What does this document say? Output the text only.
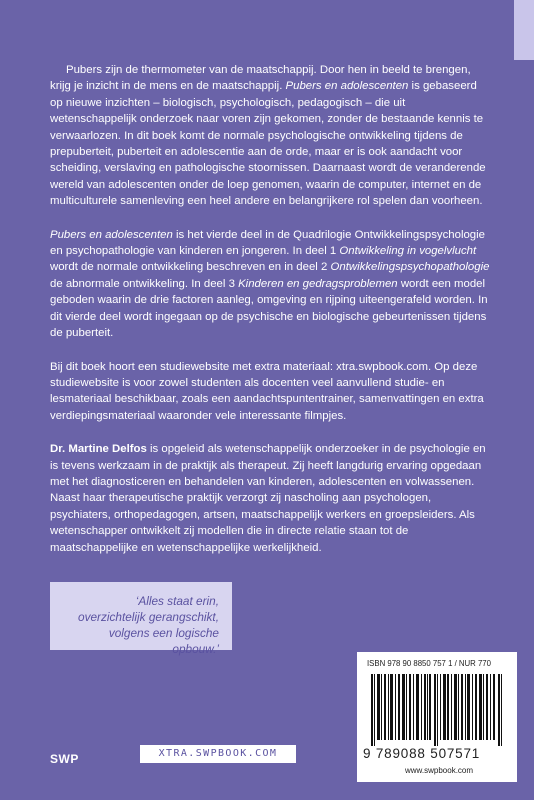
Pubers zijn de thermometer van de maatschappij. Door hen in beeld te brengen, krijg je inzicht in de mens en de maatschappij. Pubers en adolescenten is gebaseerd op nieuwe inzichten – biologisch, psychologisch, pedagogisch – die uit wetenschappelijk onderzoek naar voren zijn gekomen, zonder de bestaande kennis te verwaarlozen. In dit boek komt de normale psychologische ontwikkeling tijdens de prepuberteit, puberteit en adolescentie aan de orde, maar er is ook aandacht voor scheiding, verslaving en pathologische stoornissen. Daarnaast wordt de veranderende wereld van adolescenten onder de loep genomen, waarin de computer, internet en de multiculturele samenleving een heel andere en belangrijkere rol spelen dan voorheen.

Pubers en adolescenten is het vierde deel in de Quadrilogie Ontwikkelingspsychologie en psychopathologie van kinderen en jongeren. In deel 1 Ontwikkeling in vogelvlucht wordt de normale ontwikkeling beschreven en in deel 2 Ontwikkelingspsychopathologie de abnormale ontwikkeling. In deel 3 Kinderen en gedragsproblemen wordt een model geboden waarin de drie factoren aanleg, omgeving en rijping uiteengerafeld worden. In dit vierde deel wordt ingegaan op de psychische en biologische gebeurtenissen tijdens de puberteit.

Bij dit boek hoort een studiewebsite met extra materiaal: xtra.swpbook.com. Op deze studiewebsite is voor zowel studenten als docenten veel aanvullend studie- en lesmateriaal beschikbaar, zoals een aandachtspuntentrainer, samenvattingen en extra verdiepingsmateriaal waaronder vele interessante filmpjes.

Dr. Martine Delfos is opgeleid als wetenschappelijk onderzoeker in de psychologie en is tevens werkzaam in de praktijk als therapeut. Zij heeft langdurig ervaring opgedaan met het diagnosticeren en behandelen van kinderen, adolescenten en volwassenen.

Naast haar therapeutische praktijk verzorgt zij nascholing aan psychologen, psychiaters, orthopedagogen, artsen, maatschappelijk werkers en groepsleiders. Als wetenschapper ontwikkelt zij modellen die in directe relatie staan tot de maatschappelijke en wetenschappelijke werkelijkheid.

‘Alles staat erin,
overzichtelijk gerangschikt,
volgens een logische opbouw.’
ISBN 978 90 8850 757 1 / NUR 770
9 789088 507571
www.swpbook.com
SWP	XTRA.SWPBOOK.COM
